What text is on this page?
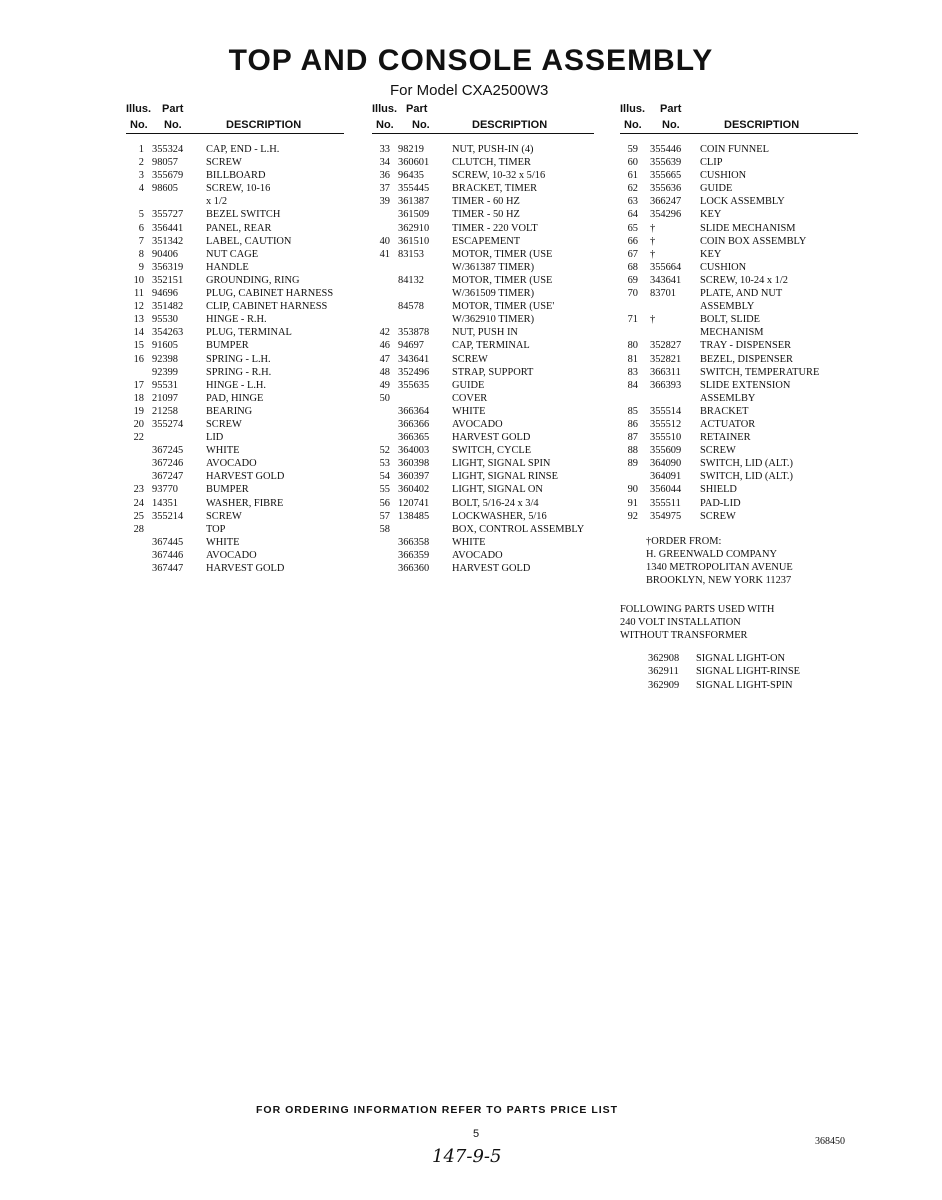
TOP AND CONSOLE ASSEMBLY
For Model CXA2500W3
Illus. Part
No. No.	DESCRIPTION
1 355324 CAP, END - L.H.
2 98057	SCREW
3 355679 BILLBOARD
4 98605	SCREW, 10-16
x 1/2
5 355727 BEZEL SWITCH
6 356441 PANEL, REAR
7 351342 LABEL, CAUTION
8 90406	NUT CAGE
9 356319 HANDLE
10 352151 GROUNDING, RING
11 94696	PLUG, CABINET HARNESS
12 351482 CLIP, CABINET HARNESS
13 95530	HINGE - R.H.
14 354263 PLUG, TERMINAL
15 91605	BUMPER
16 92398	SPRING - L.H.
92399	SPRING - R.H.
17 95531	HINGE - L.H.
18 21097	PAD, HINGE
19 21258	BEARING
20 355274 SCREW
22	LID
367245 WHITE
367246 AVOCADO
367247 HARVEST GOLD
23 93770	BUMPER
24 14351	WASHER, FIBRE
25 355214 SCREW
28	TOP
367445 WHITE
367446 AVOCADO
367447 HARVEST GOLD
Illus. Part
No. No.	DESCRIPTION
33 98219	NUT, PUSH-IN (4)
34 360601 CLUTCH, TIMER
36 96435	SCREW, 10-32 x 5/16
37 355445 BRACKET, TIMER
39 361387 TIMER - 60 HZ
361509 TIMER - 50 HZ
362910 TIMER - 220 VOLT
40 361510 ESCAPEMENT
41 83153	MOTOR, TIMER (USE
W/361387 TIMER)
84132	MOTOR, TIMER (USE
W/361509 TIMER)
84578	MOTOR, TIMER (USE'
W/362910 TIMER)
42 353878 NUT, PUSH IN
46 94697	CAP, TERMINAL
47 343641 SCREW
48 352496 STRAP, SUPPORT
49 355635 GUIDE
50	COVER
366364 WHITE
366366 AVOCADO
366365 HARVEST GOLD
52 364003 SWITCH, CYCLE
53 360398 LIGHT, SIGNAL SPIN
54 360397 LIGHT, SIGNAL RINSE
55 360402 LIGHT, SIGNAL ON
56 120741 BOLT, 5/16-24 x 3/4
57 138485 LOCKWASHER, 5/16
58	BOX, CONTROL ASSEMBLY
366358 WHITE
366359 AVOCADO
366360 HARVEST GOLD
Illus. Part
No. No.	DESCRIPTION
59 355446 COIN FUNNEL
60 355639 CLIP
61 355665 CUSHION
62 355636 GUIDE
63 366247 LOCK ASSEMBLY
64 354296 KEY
65 †	SLIDE MECHANISM
66 †	COIN BOX ASSEMBLY
67 †	KEY
68 355664 CUSHION
69 343641 SCREW, 10-24 x 1/2
70 83701 PLATE, AND NUT
ASSEMBLY
71 †	BOLT, SLIDE
MECHANISM
80 352827 TRAY - DISPENSER
81 352821 BEZEL, DISPENSER
83 366311 SWITCH, TEMPERATURE
84 366393 SLIDE EXTENSION
ASSEMLBY
85 355514 BRACKET
86 355512 ACTUATOR
87 355510 RETAINER
88 355609 SCREW
89 364090 SWITCH, LID (ALT.)
364091 SWITCH, LID (ALT.)
90 356044 SHIELD
91 355511 PAD-LID
92 354975 SCREW
†ORDER FROM:
H. GREENWALD COMPANY
1340 METROPOLITAN AVENUE
BROOKLYN, NEW YORK 11237
FOLLOWING PARTS USED WITH
240 VOLT INSTALLATION
WITHOUT TRANSFORMER
362908 SIGNAL LIGHT-ON
362911 SIGNAL LIGHT-RINSE
362909 SIGNAL LIGHT-SPIN
FOR ORDERING INFORMATION REFER TO PARTS PRICE LIST
5
368450
147-9-5
